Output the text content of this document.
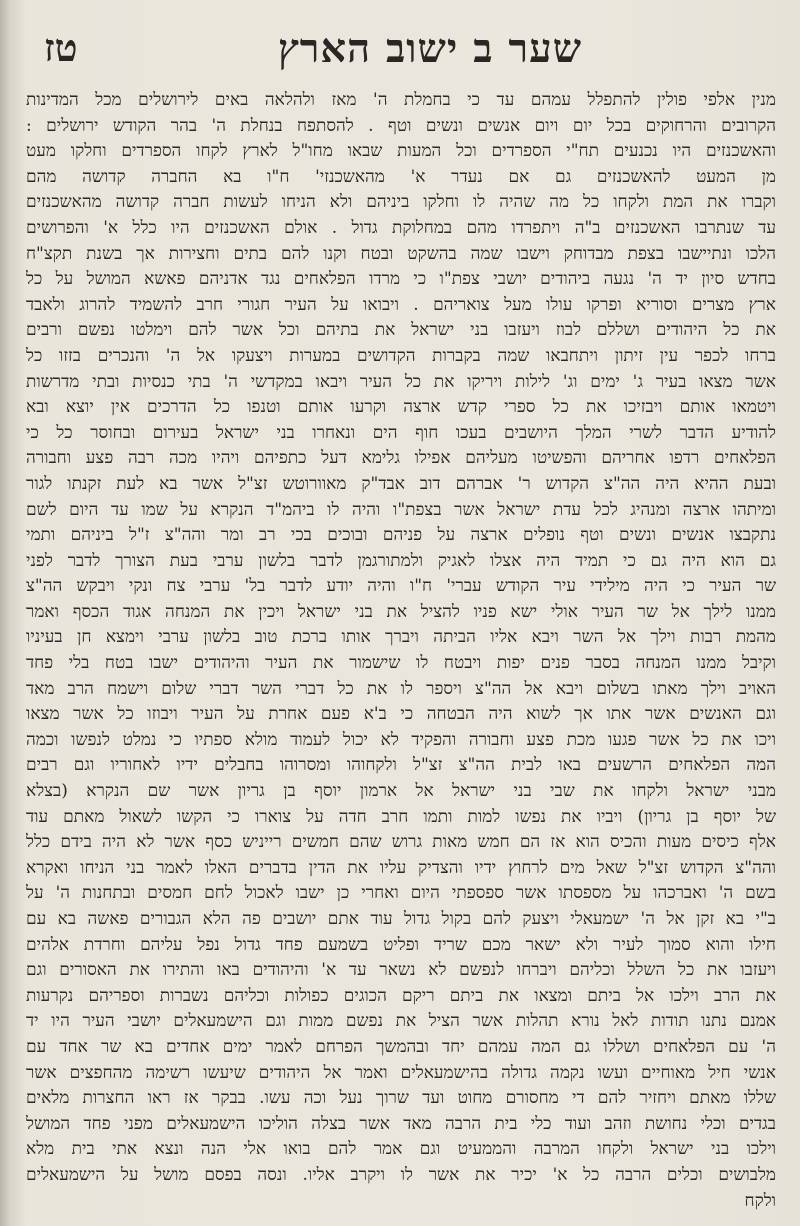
טז	שער ב ישוב הארץ
מנין אלפי פולין להתפלל עמהם עד כי בחמלת ה' מאז ולהלאה באים לירושלים מכל המדינות
הקרובים והרחוקים בכל יום ויום אנשים ונשים וטף . להסתפח בנחלת ה' בהר הקודש ירושלים :
והאשכנזים היו נכנעים תח"י הספרדים וכל המעות שבאו מחו"ל לארץ לקחו הספרדים וחלקו מעט
מן המעט להאשכנזים גם אם נעדר א' מהאשכנזי' ח"ו בא החברה קדושה מהם
וקברו את המת ולקחו כל מה שהיה לו וחלקו ביניהם ולא הניחו לעשות חברה קדושה מהאשכנזים
עד שנתרבו האשכנזים ב"ה ויתפרדו מהם במחלוקת גדול . אולם האשכנזים היו כלל א' והפרושים
הלכו ונתיישבו בצפת מבדוחק וישבו שמה בהשקט ובטח וקנו להם בתים וחצירות אך בשנת תקצ"ח
בחדש סיון יד ה' נגעה ביהודים יושבי צפת"ו כי מרדו הפלאחים נגד אדניהם פאשא המושל על כל
ארץ מצרים וסוריא ופרקו עולו מעל צואריהם . ויבואו על העיר חגורי חרב להשמיד להרוג ולאבד
את כל היהודים ושללם לבוז ויעזבו בני ישראל את בתיהם וכל אשר להם וימלטו נפשם ורבים
ברחו לכפר עין זיתון ויתחבאו שמה בקברות הקדושים במערות ויצעקו אל ה' והנכרים בזזו כל
אשר מצאו בעיר ג' ימים וג' לילות ויריקו את כל העיר ויבאו במקדשי ה' בתי כנסיות ובתי מדרשות
ויטמאו אותם ויבזיכו את כל ספרי קדש ארצה וקרעו אותם וטנפו כל הדרכים אין יוצא ובא
להודיע הדבר לשרי המלך היושבים בעכו חוף הים ונאחרו בני ישראל בעירום ובחוסר כל כי
הפלאחים רדפו אחריהם והפשיטו מעליהם אפילו גלימא דעל כתפיהם ויהיו מכה רבה פצע וחבורה
ובעת ההיא היה הה"צ הקדוש ר' אברהם דוב אבד"ק מאוורוטש זצ"ל אשר בא לעת זקנתו לגור
ומיתהו ארצה ומנהיג לכל עדת ישראל אשר בצפת"ו והיה לו ביהמ"ד הנקרא על שמו עד היום לשם
נתקבצו אנשים ונשים וטף נופלים ארצה על פניהם ובוכים בכי רב ומר והה"צ ז"ל ביניהם ותמי
גם הוא היה גם כי תמיד היה אצלו לאגיק ולמתורגמן לדבר בלשון ערבי בעת הצורך לדבר לפני
שר העיר כי היה מילידי עיר הקודש עברי' ח"ו והיה יודע לדבר בל' ערבי צח ונקי ויבקש הה"צ
ממנו לילך אל שר העיר אולי ישא פניו להציל את בני ישראל ויכין את המנחה אגוד הכסף ואמר
מהמת רבות וילך אל השר ויבא אליו הביתה ויברך אותו ברכת טוב בלשון ערבי וימצא חן בעיניו
וקיבל ממנו המנחה בסבר פנים יפות ויבטח לו שישמור את העיר והיהודים ישבו בטח בלי פחד
האויב וילך מאתו בשלום ויבא אל הה"צ ויספר לו את כל דברי השר דברי שלום וישמח הרב מאד
וגם האנשים אשר אתו אך לשוא היה הבטחה כי ב'א פעם אחרת על העיר ויבוזו כל אשר מצאו
ויכו את כל אשר פגעו מכת פצע וחבורה והפקיד לא יכול לעמוד מולא ספתיו כי נמלט לנפשו וכמה
המה הפלאחים הרשעים באו לבית הה"צ זצ"ל ולקחוהו ומסרוהו בחבלים ידיו לאחוריו וגם רבים
מבני ישראל ולקחו את שבי בני ישראל אל ארמון יוסף בן גריון אשר שם הנקרא (בצלא
של יוסף בן גריון) ויביו את נפשו למות ותמו חרב חדה על צוארו כי הקשו לשאול מאתם עוד
אלף כיסים מעות והכיס הוא אז הם חמש מאות גרוש שהם חמשים רייניש כסף אשר לא היה בידם כלל
והה"צ הקדוש זצ"ל שאל מים לרחוץ ידיו והצדיק עליו את הדין בדברים האלו לאמר בני הניחו ואקרא
בשם ה' ואברכהו על מספסתו אשר ספספתי היום ואחרי כן ישבו לאכול לחם חמסים ובתחנות ה' על
ב"י בא זקן אל ה' ישמעאלי ויצעק להם בקול גדול עוד אתם יושבים פה הלא הגבורים פאשה בא עם
חילו והוא סמוך לעיר ולא ישאר מכם שריד ופליט בשמעם פחד גדול נפל עליהם וחרדת אלהים
ויעזבו את כל השלל וכליהם ויברחו לנפשם לא נשאר עד א' והיהודים באו והתירו את האסורים וגם
את הרב וילכו אל ביתם ומצאו את ביתם ריקם הכוגים כפולות וכליהם נשברות וספריהם נקרעות
אמנם נתנו תודות לאל נורא תהלות אשר הציל את נפשם ממות וגם הישמעאלים יושבי העיר היו יד
ה' עם הפלאחים ושללו גם המה עמהם יחד ובהמשך הפרחם לאמר ימים אחדים בא שר אחד עם
אנשי חיל מאוחיים ועשו נקמה גדולה בהישמעאלים ואמר אל היהודים שיעשו רשימה מהחפצים אשר
שללו מאתם ויחזיר להם די מחסורם מחוט ועד שרוך נעל וכה עשו. בבקר אז ראו החצרות מלאים
בגדים וכלי נחושת וזהב ועוד כלי בית הרבה מאד אשר בצלה הוליכו הישמעאלים מפני פחד המושל
וילכו בני ישראל ולקחו המרבה והממעיט וגם אמר להם בואו אלי הנה ונצא אתי בית מלא
מלבושים וכלים הרבה כל א' יכיר את אשר לו ויקרב אליו. ונסה בפסם מושל על הישמעאלים
ולקח
